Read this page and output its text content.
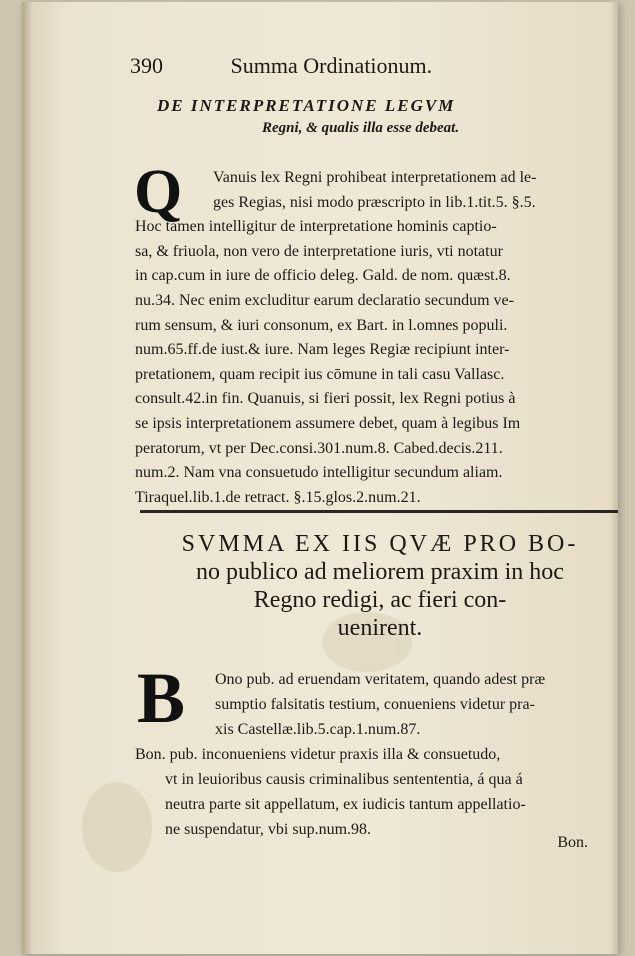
390	Summa Ordinationum.
DE INTERPRETATIONE LEGVM
Regni, & qualis illa esse debeat.
Q	Vanuis lex Regni prohibeat interpretationem ad le-
ges Regias, nisi modo præscripto in lib.1.tit.5. §.5.
Hoc tamen intelligitur de interpretatione hominis captio-
sa, & friuola, non vero de interpretatione iuris, vti notatur
in cap.cum in iure de officio deleg. Gald. de nom. quæst.8.
nu.34. Nec enim excluditur earum declaratio secundum ve-
rum sensum, & iuri consonum, ex Bart. in l.omnes populi.
num.65.ff.de iust.& iure. Nam leges Regiæ recipiunt inter-
pretationem, quam recipit ius cōmune in tali casu Vallasc.
consult.42.in fin. Quanuis, si fieri possit, lex Regni potius à
se ipsis interpretationem assumere debet, quam à legibus Im
peratorum, vt per Dec.consi.301.num.8. Cabed.decis.211.
num.2. Nam vna consuetudo intelligitur secundum aliam.
Tiraquel.lib.1.de retract. §.15.glos.2.num.21.
SVMMA EX IIS QVÆ PRO BO-
no publico ad meliorem praxim in hoc
Regno redigi, ac fieri con-
uenirent.
B	Ono pub. ad eruendam veritatem, quando adest præ
sumptio falsitatis testium, conueniens videtur pra-
xis Castellæ.lib.5.cap.1.num.87.
Bon. pub. inconueniens videtur praxis illa & consuetudo,
vt in leuioribus causis criminalibus sentententia, á qua á
neutra parte sit appellatum, ex iudicis tantum appellatio-
ne suspendatur, vbi sup.num.98.
Bon.
